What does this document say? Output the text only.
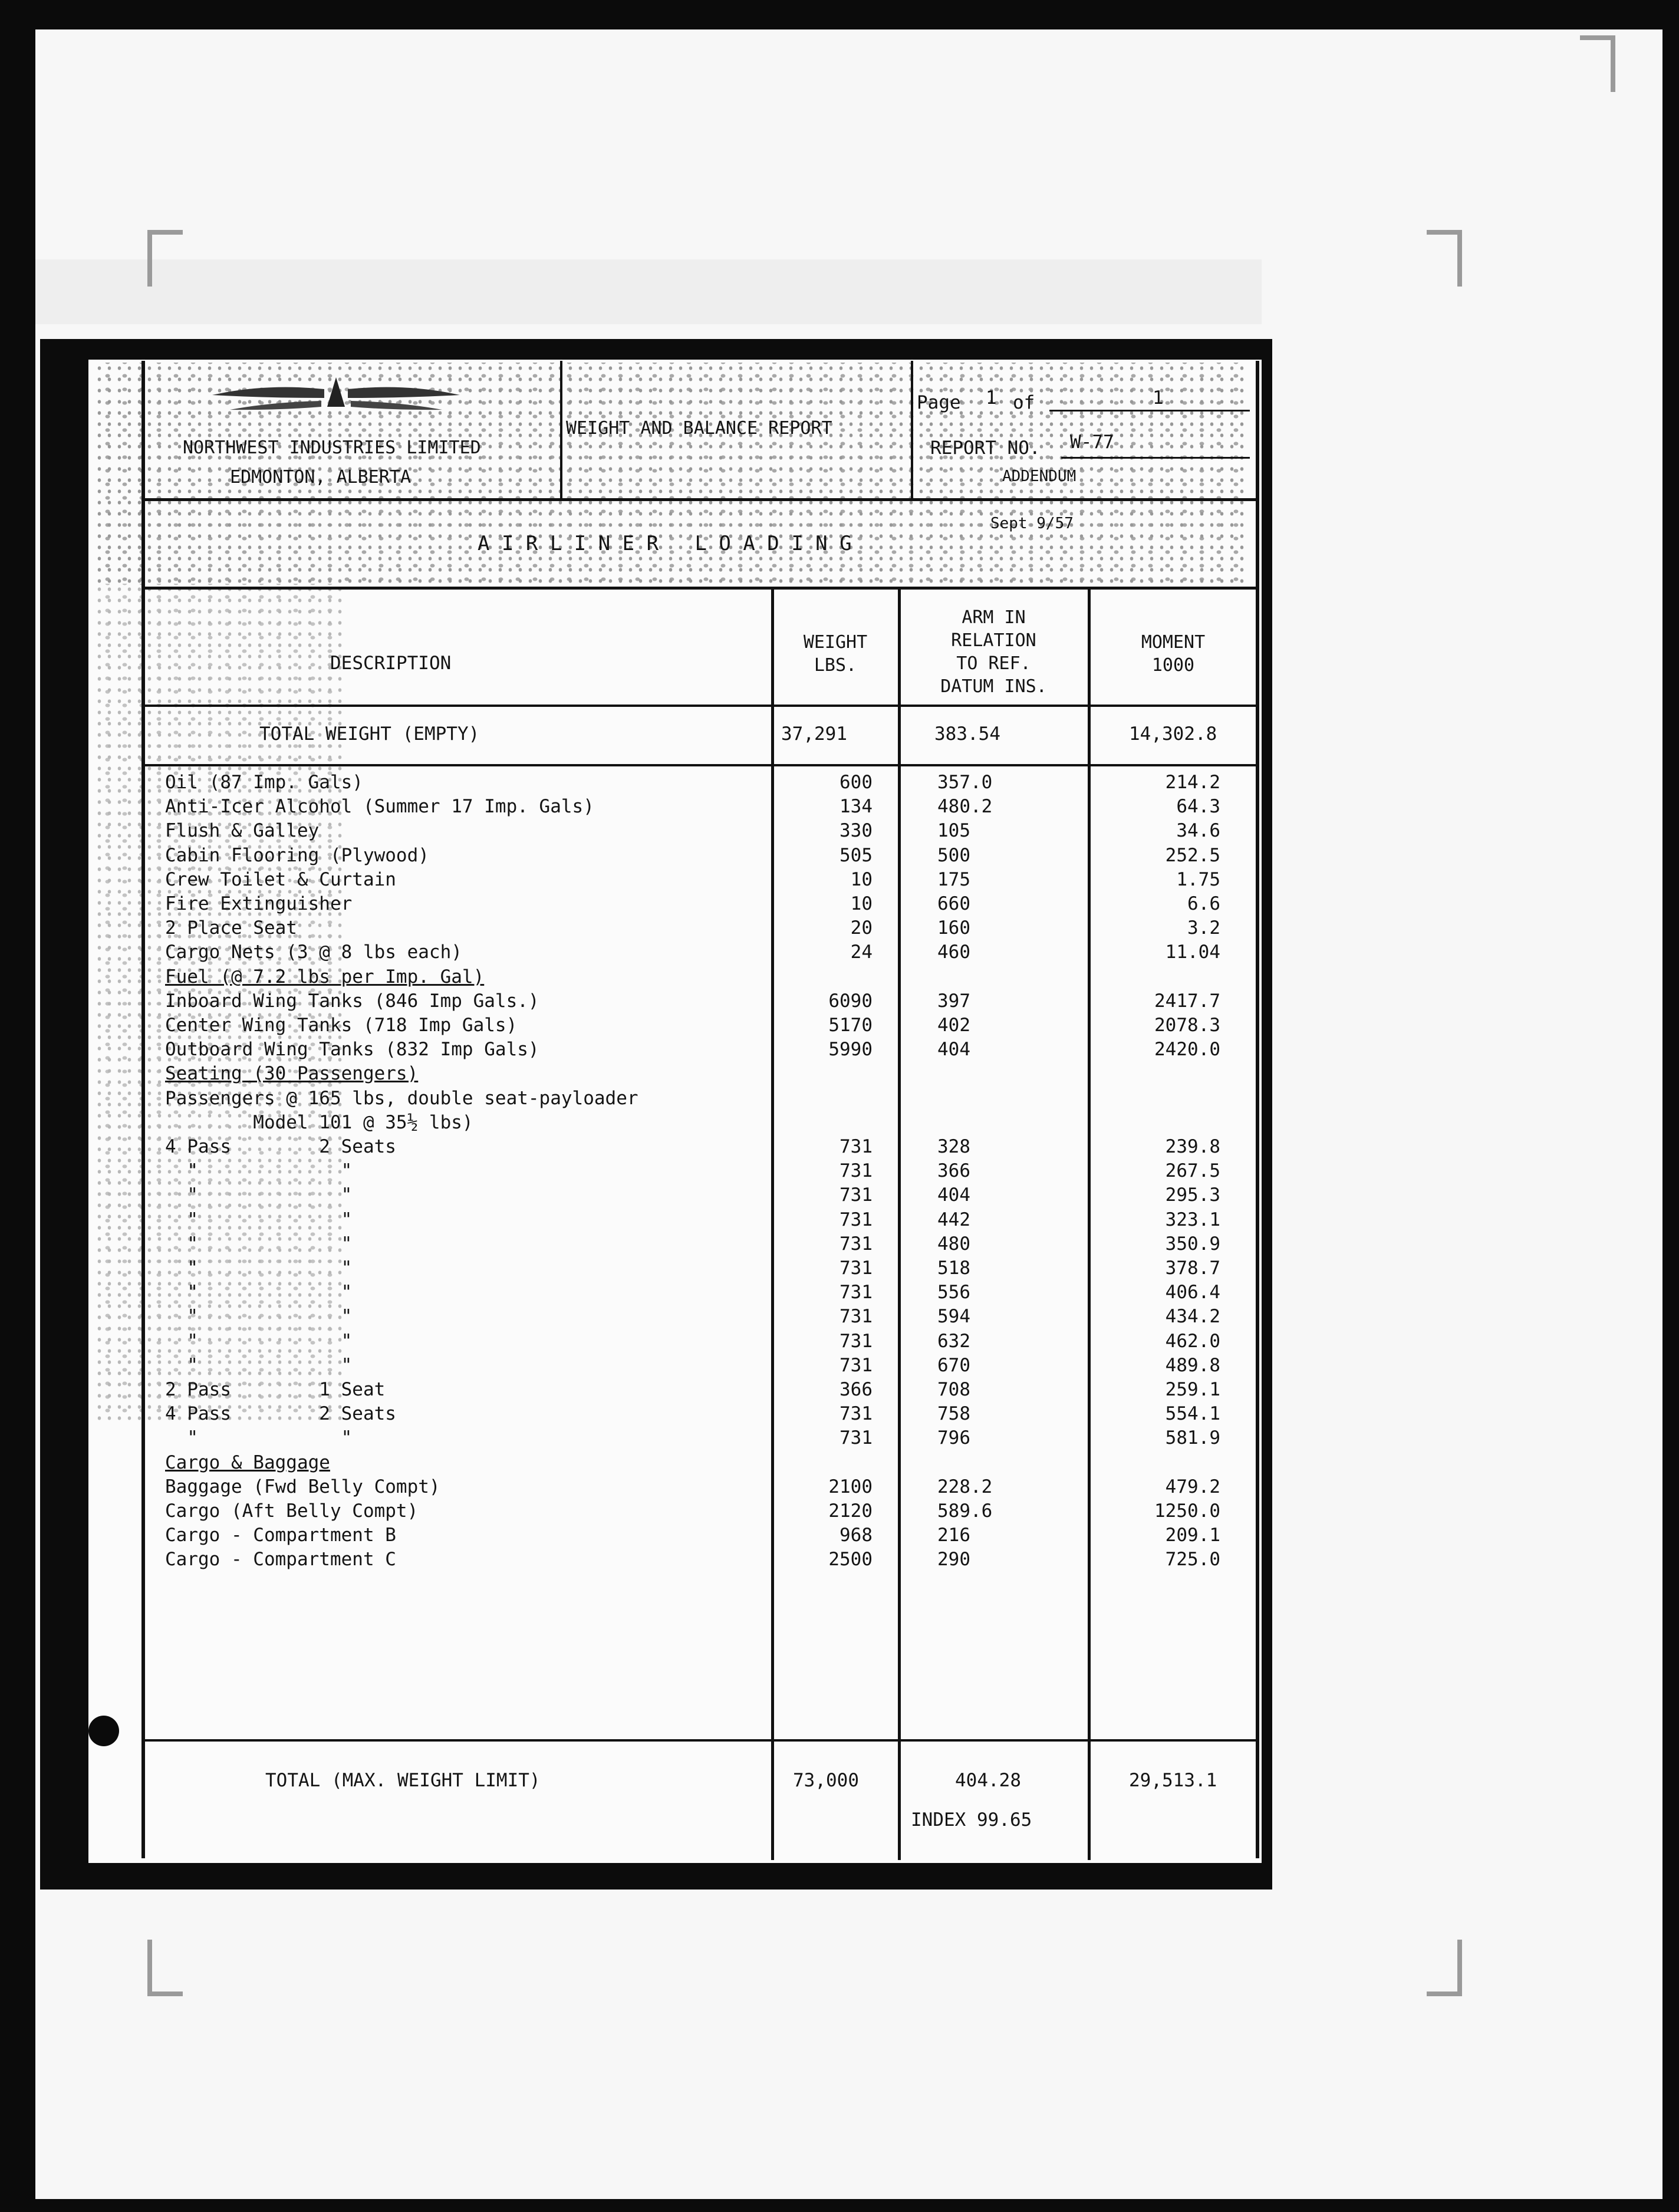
NORTHWEST INDUSTRIES LIMITED
EDMONTON, ALBERTA
WEIGHT AND BALANCE REPORT
Page 1 of	1
REPORT NO. W-77
ADDENDUM
Sept 9/57
A I R L I N E R   L O A D I N G
DESCRIPTION
WEIGHT
LBS.
ARM IN
RELATION
TO REF.
DATUM INS.
MOMENT
1000
TOTAL WEIGHT (EMPTY)	37,291	383.54	14,302.8
Oil (87 Imp. Gals)	600	357.0	214.2
Anti-Icer Alcohol (Summer 17 Imp. Gals)	134	480.2	64.3
Flush & Galley	330	105	34.6
Cabin Flooring (Plywood)	505	500	252.5
Crew Toilet & Curtain	10	175	1.75
Fire Extinguisher	10	660	6.6
2 Place Seat	20	160	3.2
Cargo Nets (3 @ 8 lbs each)	24	460	11.04
Fuel (@ 7.2 lbs per Imp. Gal)
Inboard Wing Tanks (846 Imp Gals.)	6090	397	2417.7
Center Wing Tanks (718 Imp Gals)	5170	402	2078.3
Outboard Wing Tanks (832 Imp Gals)	5990	404	2420.0
Seating (30 Passengers)
Passengers @ 165 lbs, double seat-payloader
Model 101 @ 35½ lbs)
4 Pass        2 Seats	731	328	239.8
"             "	731	366	267.5
"             "	731	404	295.3
"             "	731	442	323.1
"             "	731	480	350.9
"             "	731	518	378.7
"             "	731	556	406.4
"             "	731	594	434.2
"             "	731	632	462.0
"             "	731	670	489.8
2 Pass        1 Seat	366	708	259.1
4 Pass        2 Seats	731	758	554.1
"             "	731	796	581.9
Cargo & Baggage
Baggage (Fwd Belly Compt)	2100	228.2	479.2
Cargo (Aft Belly Compt)	2120	589.6	1250.0
Cargo - Compartment B	968	216	209.1
Cargo - Compartment C	2500	290	725.0
TOTAL (MAX. WEIGHT LIMIT)	73,000	404.28	29,513.1
INDEX 99.65
